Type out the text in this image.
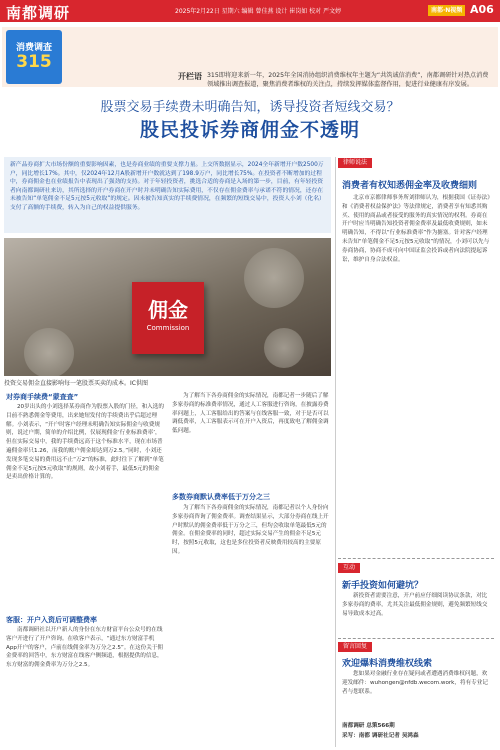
南都调研	2025年2月22日 星期六 编辑 曾佳燕 设计 崔岗如 校对 严文婷	南都·N视频 A06
消费调查
315
开栏语 315即将迎来新一年，2025年全国消协组织消费维权年主题为“共筑诚信消费”，南都调研针对热点消费领域推出调查报道，聚焦消费者维权的关注点，持续发挥媒体监督作用，促进行业健康有序发展。
股票交易手续费未明确告知，诱导投资者短线交易？
股民投诉券商佣金不透明
新产品券商扩大市场份额的重要影响因素，也是券商业绩的重要支撑力量。上交所数据显示，2024全年新增开户数2500万户，同比增长17%。其中，仅2024年12月A股新增开户数就达到了198.9万户，同比增长75%。在投资者不断增加的过程中，券商佣金也在业绩报告中表现出了强劲的支持。对于年轻投资者，挑选合适的券商是入场的第一步，目前，有年轻投资者向南都调研社来访，其所选择的开户券商在开户时并未明确告知实际费用，不仅存在佣金费率与承诺不符的情况，还存在未被告知“单笔佣金不足5元按5元收取”的规定。因未被告知真实的手续费情况，在频繁的短线交易中，投资人小刘（化名）支付了高额的手续费，转入为自己的权益提供服务。
佣金
Commission
投资交易佣金直接影响每一笔股票买卖的成本。IC供图
对券商手续费“蒙查查”
20岁出头的小刘选择某券商作为股票入股的门径，和入选的目前不熟悉佣金等费用，出来她短发付的手续费出乎后超过理解。小刘表示，“开户时客户经理未明确告知实际佣金与收费规则，说过户期，简单的介绍比例，仅展现佣金‘行业标准费率’，但在实际交易中，我的手续费远高于这个标准水平，现在市场普遍佣金率只1.26，而我的账户佣金却达到万2.5。”同时，小刘还发现多笔交易的费用远不止“万2”的标准，此时往下了解到“单笔佣金不足5元按5元收取”的规则，故小刘着手，最低5元的佣金是卖出价格计算的。
客服：开户入资后可调整费率
南都调研社以开户新人的身份在东方财富平台公众号的在线客户开进行了开户咨询。在收客户表示，“通过东方财富手机App开户的客户，卢前在线佣金率为万分之2.5”。在这份关于佣金费率的回答中，东方财富在线客户侧频道，根据提供的信息，东方财富的佣金费率为万分之2.5。
为了解当下各券商佣金的实际情况，南都记者一步随后了解多家券商的标准费率情况，通过人工客服进行咨询，在披露券费率问题上，人工客服给出的答案与在线客服一致，对于是否可以调低费率，人工客服表示可在开户入资后，再度致电了解佣金调低问题。
多数券商默认费率低于万分之三
为了解当下各券商佣金的实际情况，南都记者以个人身份向多家券商咨询了佣金费率。调查结果显示，大部分券商在线上开户时默认的佣金费率低于万分之三，但均会收取单笔最低5元的佣金。在佣金费率的同时，超过实际交易产生的佣金不足5元时，按照5元收取，这也是多位投资者反映费用较高的主要原因。
律师说法
消费者有权知悉佣金率及收费细则
北京市京都律师事务所刘律师认为，根据我国《证券法》和《消费者权益保护法》等法律规定，消费者享有知悉其购买、使用的商品或者接受的服务的真实情况的权利。券商在开户时应当明确告知投资者佣金费率及最低收费规则，如未明确告知，不得以“行业标准费率”作为搪塞。针对客户经理未告知“单笔佣金不足5元按5元收取”的情况，小刘可以先与券商协商，协商不成可向中国证监会投诉或者向法院提起诉讼，维护自身合法权益。
互动
新手投资如何避坑？
新投资者需要注意，开户前应仔细阅读协议条款，对比多家券商的费率，尤其关注最低佣金规则，避免频繁短线交易导致成本过高。
留言回复
欢迎爆料消费维权线索
您如果对金融行业存在疑问或者遭遇消费维权问题，欢迎发邮件：wuhongen@nfdb.wecom.work，将有专业记者与您联系。
南都调研 总策566期
采写：南都 调研社记者 吴鸿森
